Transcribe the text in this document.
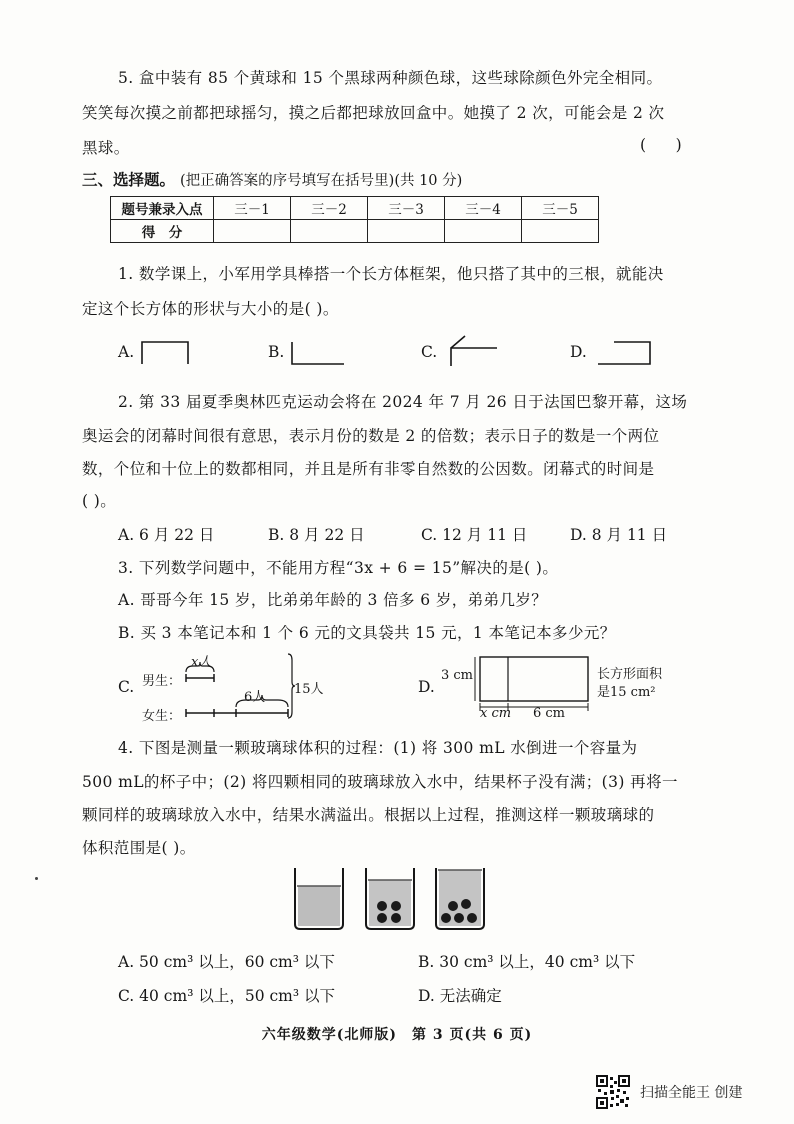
5. 盒中装有 85 个黄球和 15 个黑球两种颜色球，这些球除颜色外完全相同。
笑笑每次摸之前都把球摇匀，摸之后都把球放回盒中。她摸了 2 次，可能会是 2 次
黑球。	(      )
三、选择题。 (把正确答案的序号填写在括号里)(共 10 分)
题号兼录入点	三－1	三－2	三－3	三－4	三－5
得　分					
1. 数学课上，小军用学具棒搭一个长方体框架，他只搭了其中的三根，就能决
定这个长方体的形状与大小的是( )。
A.	B.	C.	D.
2. 第 33 届夏季奥林匹克运动会将在 2024 年 7 月 26 日于法国巴黎开幕，这场
奥运会的闭幕时间很有意思，表示月份的数是 2 的倍数；表示日子的数是一个两位
数，个位和十位上的数都相同，并且是所有非零自然数的公因数。闭幕式的时间是
( )。
A. 6 月 22 日	B. 8 月 22 日	C. 12 月 11 日	D. 8 月 11 日
3. 下列数学问题中，不能用方程“3x + 6 = 15”解决的是( )。
A. 哥哥今年 15 岁，比弟弟年龄的 3 倍多 6 岁，弟弟几岁？
B. 买 3 本笔记本和 1 个 6 元的文具袋共 15 元，1 本笔记本多少元？
C. 男生：
女生：
x人
6人
15人	D.
3 cm
x cm 6 cm
长方形面积
是15 cm²
4. 下图是测量一颗玻璃球体积的过程：(1) 将 300 mL 水倒进一个容量为
500 mL的杯子中；(2) 将四颗相同的玻璃球放入水中，结果杯子没有满；(3) 再将一
颗同样的玻璃球放入水中，结果水满溢出。根据以上过程，推测这样一颗玻璃球的
体积范围是( )。
A. 50 cm³ 以上，60 cm³ 以下	B. 30 cm³ 以上，40 cm³ 以下
C. 40 cm³ 以上，50 cm³ 以下	D. 无法确定
六年级数学(北师版)　第 3 页(共 6 页)
扫描全能王 创建
